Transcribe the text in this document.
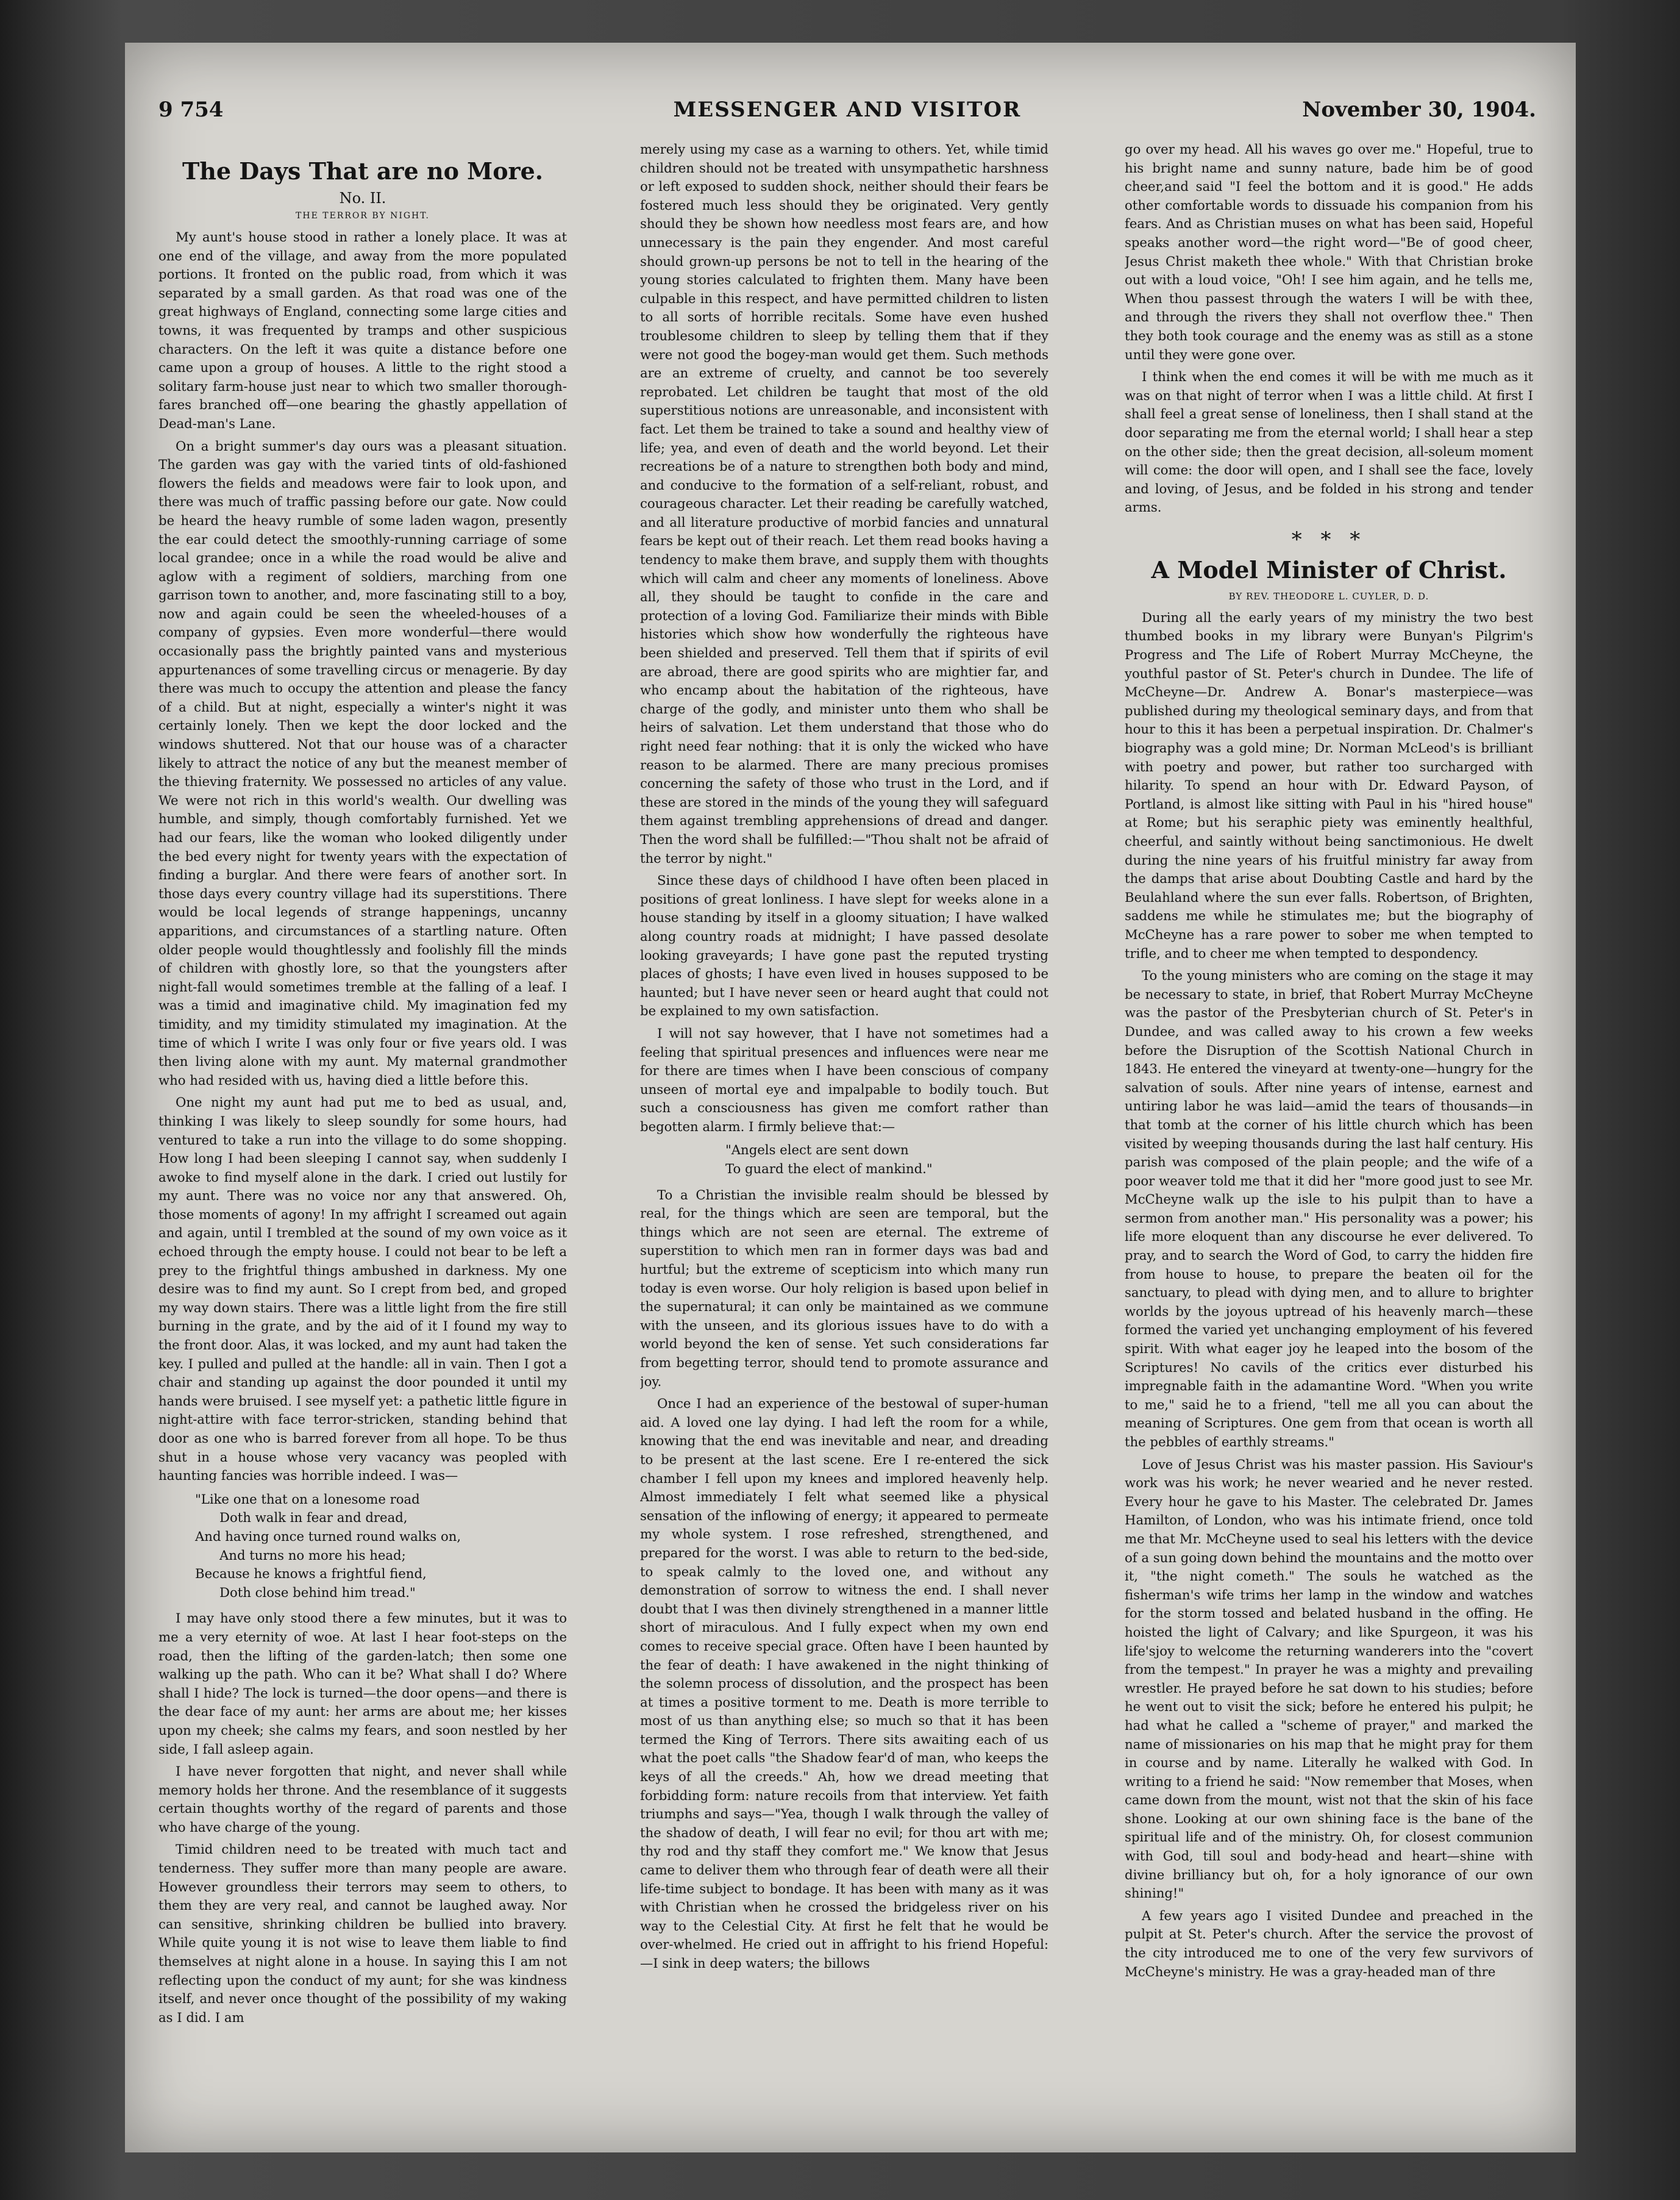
9 754	MESSENGER AND VISITOR	November 30, 1904.
The Days That are no More.
No. II.
THE TERROR BY NIGHT.

My aunt's house stood in rather a lonely place. It was at one end of the village, and away from the more populated portions. It fronted on the public road, from which it was separated by a small garden. As that road was one of the great highways of England, connecting some large cities and towns, it was frequented by tramps and other suspicious characters. On the left it was quite a distance before one came upon a group of houses. A little to the right stood a solitary farm-house just near to which two smaller thorough-fares branched off—one bearing the ghastly appellation of Dead-man's Lane.

On a bright summer's day ours was a pleasant situation. The garden was gay with the varied tints of old-fashioned flowers the fields and meadows were fair to look upon, and there was much of traffic passing before our gate. Now could be heard the heavy rumble of some laden wagon, presently the ear could detect the smoothly-running carriage of some local grandee; once in a while the road would be alive and aglow with a regiment of soldiers, marching from one garrison town to another, and, more fascinating still to a boy, now and again could be seen the wheeled-houses of a company of gypsies. Even more wonderful—there would occasionally pass the brightly painted vans and mysterious appurtenances of some travelling circus or menagerie. By day there was much to occupy the attention and please the fancy of a child. But at night, especially a winter's night it was certainly lonely. Then we kept the door locked and the windows shuttered. Not that our house was of a character likely to attract the notice of any but the meanest member of the thieving fraternity. We possessed no articles of any value. We were not rich in this world's wealth. Our dwelling was humble, and simply, though comfortably furnished. Yet we had our fears, like the woman who looked diligently under the bed every night for twenty years with the expectation of finding a burglar. And there were fears of another sort. In those days every country village had its superstitions. There would be local legends of strange happenings, uncanny apparitions, and circumstances of a startling nature. Often older people would thoughtlessly and foolishly fill the minds of children with ghostly lore, so that the youngsters after night-fall would sometimes tremble at the falling of a leaf. I was a timid and imaginative child. My imagination fed my timidity, and my timidity stimulated my imagination. At the time of which I write I was only four or five years old. I was then living alone with my aunt. My maternal grandmother who had resided with us, having died a little before this.

One night my aunt had put me to bed as usual, and, thinking I was likely to sleep soundly for some hours, had ventured to take a run into the village to do some shopping. How long I had been sleeping I cannot say, when suddenly I awoke to find myself alone in the dark. I cried out lustily for my aunt. There was no voice nor any that answered. Oh, those moments of agony! In my affright I screamed out again and again, until I trembled at the sound of my own voice as it echoed through the empty house. I could not bear to be left a prey to the frightful things ambushed in darkness. My one desire was to find my aunt. So I crept from bed, and groped my way down stairs. There was a little light from the fire still burning in the grate, and by the aid of it I found my way to the front door. Alas, it was locked, and my aunt had taken the key. I pulled and pulled at the handle: all in vain. Then I got a chair and standing up against the door pounded it until my hands were bruised. I see myself yet: a pathetic little figure in night-attire with face terror-stricken, standing behind that door as one who is barred forever from all hope. To be thus shut in a house whose very vacancy was peopled with haunting fancies was horrible indeed. I was—

"Like one that on a lonesome road
Doth walk in fear and dread,
And having once turned round walks on,
And turns no more his head;
Because he knows a frightful fiend,
Doth close behind him tread."

I may have only stood there a few minutes, but it was to me a very eternity of woe. At last I hear foot-steps on the road, then the lifting of the garden-latch; then some one walking up the path. Who can it be? What shall I do? Where shall I hide? The lock is turned—the door opens—and there is the dear face of my aunt: her arms are about me; her kisses upon my cheek; she calms my fears, and soon nestled by her side, I fall asleep again.

I have never forgotten that night, and never shall while memory holds her throne. And the resemblance of it suggests certain thoughts worthy of the regard of parents and those who have charge of the young.

Timid children need to be treated with much tact and tenderness. They suffer more than many people are aware. However groundless their terrors may seem to others, to them they are very real, and cannot be laughed away. Nor can sensitive, shrinking children be bullied into bravery. While quite young it is not wise to leave them liable to find themselves at night alone in a house. In saying this I am not reflecting upon the conduct of my aunt; for she was kindness itself, and never once thought of the possibility of my waking as I did. I am

merely using my case as a warning to others. Yet, while timid children should not be treated with unsympathetic harshness or left exposed to sudden shock, neither should their fears be fostered much less should they be originated. Very gently should they be shown how needless most fears are, and how unnecessary is the pain they engender. And most careful should grown-up persons be not to tell in the hearing of the young stories calculated to frighten them. Many have been culpable in this respect, and have permitted children to listen to all sorts of horrible recitals. Some have even hushed troublesome children to sleep by telling them that if they were not good the bogey-man would get them. Such methods are an extreme of cruelty, and cannot be too severely reprobated. Let children be taught that most of the old superstitious notions are unreasonable, and inconsistent with fact. Let them be trained to take a sound and healthy view of life; yea, and even of death and the world beyond. Let their recreations be of a nature to strengthen both body and mind, and conducive to the formation of a self-reliant, robust, and courageous character. Let their reading be carefully watched, and all literature productive of morbid fancies and unnatural fears be kept out of their reach. Let them read books having a tendency to make them brave, and supply them with thoughts which will calm and cheer any moments of loneliness. Above all, they should be taught to confide in the care and protection of a loving God. Familiarize their minds with Bible histories which show how wonderfully the righteous have been shielded and preserved. Tell them that if spirits of evil are abroad, there are good spirits who are mightier far, and who encamp about the habitation of the righteous, have charge of the godly, and minister unto them who shall be heirs of salvation. Let them understand that those who do right need fear nothing: that it is only the wicked who have reason to be alarmed. There are many precious promises concerning the safety of those who trust in the Lord, and if these are stored in the minds of the young they will safeguard them against trembling apprehensions of dread and danger. Then the word shall be fulfilled:—"Thou shalt not be afraid of the terror by night."

Since these days of childhood I have often been placed in positions of great lonliness. I have slept for weeks alone in a house standing by itself in a gloomy situation; I have walked along country roads at midnight; I have passed desolate looking graveyards; I have gone past the reputed trysting places of ghosts; I have even lived in houses supposed to be haunted; but I have never seen or heard aught that could not be explained to my own satisfaction.

I will not say however, that I have not sometimes had a feeling that spiritual presences and influences were near me for there are times when I have been conscious of company unseen of mortal eye and impalpable to bodily touch. But such a consciousness has given me comfort rather than begotten alarm. I firmly believe that:—

"Angels elect are sent down
To guard the elect of mankind."

To a Christian the invisible realm should be blessed by real, for the things which are seen are temporal, but the things which are not seen are eternal. The extreme of superstition to which men ran in former days was bad and hurtful; but the extreme of scepticism into which many run today is even worse. Our holy religion is based upon belief in the supernatural; it can only be maintained as we commune with the unseen, and its glorious issues have to do with a world beyond the ken of sense. Yet such considerations far from begetting terror, should tend to promote assurance and joy.

Once I had an experience of the bestowal of super-human aid. A loved one lay dying. I had left the room for a while, knowing that the end was inevitable and near, and dreading to be present at the last scene. Ere I re-entered the sick chamber I fell upon my knees and implored heavenly help. Almost immediately I felt what seemed like a physical sensation of the inflowing of energy; it appeared to permeate my whole system. I rose refreshed, strengthened, and prepared for the worst. I was able to return to the bed-side, to speak calmly to the loved one, and without any demonstration of sorrow to witness the end. I shall never doubt that I was then divinely strengthened in a manner little short of miraculous. And I fully expect when my own end comes to receive special grace. Often have I been haunted by the fear of death: I have awakened in the night thinking of the solemn process of dissolution, and the prospect has been at times a positive torment to me. Death is more terrible to most of us than anything else; so much so that it has been termed the King of Terrors. There sits awaiting each of us what the poet calls "the Shadow fear'd of man, who keeps the keys of all the creeds." Ah, how we dread meeting that forbidding form: nature recoils from that interview. Yet faith triumphs and says—"Yea, though I walk through the valley of the shadow of death, I will fear no evil; for thou art with me; thy rod and thy staff they comfort me." We know that Jesus came to deliver them who through fear of death were all their life-time subject to bondage. It has been with many as it was with Christian when he crossed the bridgeless river on his way to the Celestial City. At first he felt that he would be over-whelmed. He cried out in affright to his friend Hopeful:—I sink in deep waters; the billows

go over my head. All his waves go over me." Hopeful, true to his bright name and sunny nature, bade him be of good cheer,and said "I feel the bottom and it is good." He adds other comfortable words to dissuade his companion from his fears. And as Christian muses on what has been said, Hopeful speaks another word—the right word—"Be of good cheer, Jesus Christ maketh thee whole." With that Christian broke out with a loud voice, "Oh! I see him again, and he tells me, When thou passest through the waters I will be with thee, and through the rivers they shall not overflow thee." Then they both took courage and the enemy was as still as a stone until they were gone over.

I think when the end comes it will be with me much as it was on that night of terror when I was a little child. At first I shall feel a great sense of loneliness, then I shall stand at the door separating me from the eternal world; I shall hear a step on the other side; then the great decision, all-soleum moment will come: the door will open, and I shall see the face, lovely and loving, of Jesus, and be folded in his strong and tender arms.

* * *
A Model Minister of Christ.
BY REV. THEODORE L. CUYLER, D. D.

During all the early years of my ministry the two best thumbed books in my library were Bunyan's Pilgrim's Progress and The Life of Robert Murray McCheyne, the youthful pastor of St. Peter's church in Dundee. The life of McCheyne—Dr. Andrew A. Bonar's masterpiece—was published during my theological seminary days, and from that hour to this it has been a perpetual inspiration. Dr. Chalmer's biography was a gold mine; Dr. Norman McLeod's is brilliant with poetry and power, but rather too surcharged with hilarity. To spend an hour with Dr. Edward Payson, of Portland, is almost like sitting with Paul in his "hired house" at Rome; but his seraphic piety was eminently healthful, cheerful, and saintly without being sanctimonious. He dwelt during the nine years of his fruitful ministry far away from the damps that arise about Doubting Castle and hard by the Beulahland where the sun ever falls. Robertson, of Brighten, saddens me while he stimulates me; but the biography of McCheyne has a rare power to sober me when tempted to trifle, and to cheer me when tempted to despondency.

To the young ministers who are coming on the stage it may be necessary to state, in brief, that Robert Murray McCheyne was the pastor of the Presbyterian church of St. Peter's in Dundee, and was called away to his crown a few weeks before the Disruption of the Scottish National Church in 1843. He entered the vineyard at twenty-one—hungry for the salvation of souls. After nine years of intense, earnest and untiring labor he was laid—amid the tears of thousands—in that tomb at the corner of his little church which has been visited by weeping thousands during the last half century. His parish was composed of the plain people; and the wife of a poor weaver told me that it did her "more good just to see Mr. McCheyne walk up the isle to his pulpit than to have a sermon from another man." His personality was a power; his life more eloquent than any discourse he ever delivered. To pray, and to search the Word of God, to carry the hidden fire from house to house, to prepare the beaten oil for the sanctuary, to plead with dying men, and to allure to brighter worlds by the joyous uptread of his heavenly march—these formed the varied yet unchanging employment of his fevered spirit. With what eager joy he leaped into the bosom of the Scriptures! No cavils of the critics ever disturbed his impregnable faith in the adamantine Word. "When you write to me," said he to a friend, "tell me all you can about the meaning of Scriptures. One gem from that ocean is worth all the pebbles of earthly streams."

Love of Jesus Christ was his master passion. His Saviour's work was his work; he never wearied and he never rested. Every hour he gave to his Master. The celebrated Dr. James Hamilton, of London, who was his intimate friend, once told me that Mr. McCheyne used to seal his letters with the device of a sun going down behind the mountains and the motto over it, "the night cometh." The souls he watched as the fisherman's wife trims her lamp in the window and watches for the storm tossed and belated husband in the offing. He hoisted the light of Calvary; and like Spurgeon, it was his life'sjoy to welcome the returning wanderers into the "covert from the tempest." In prayer he was a mighty and prevailing wrestler. He prayed before he sat down to his studies; before he went out to visit the sick; before he entered his pulpit; he had what he called a "scheme of prayer," and marked the name of missionaries on his map that he might pray for them in course and by name. Literally he walked with God. In writing to a friend he said: "Now remember that Moses, when came down from the mount, wist not that the skin of his face shone. Looking at our own shining face is the bane of the spiritual life and of the ministry. Oh, for closest communion with God, till soul and body-head and heart—shine with divine brilliancy but oh, for a holy ignorance of our own shining!"

A few years ago I visited Dundee and preached in the pulpit at St. Peter's church. After the service the provost of the city introduced me to one of the very few survivors of McCheyne's ministry. He was a gray-headed man of thre
